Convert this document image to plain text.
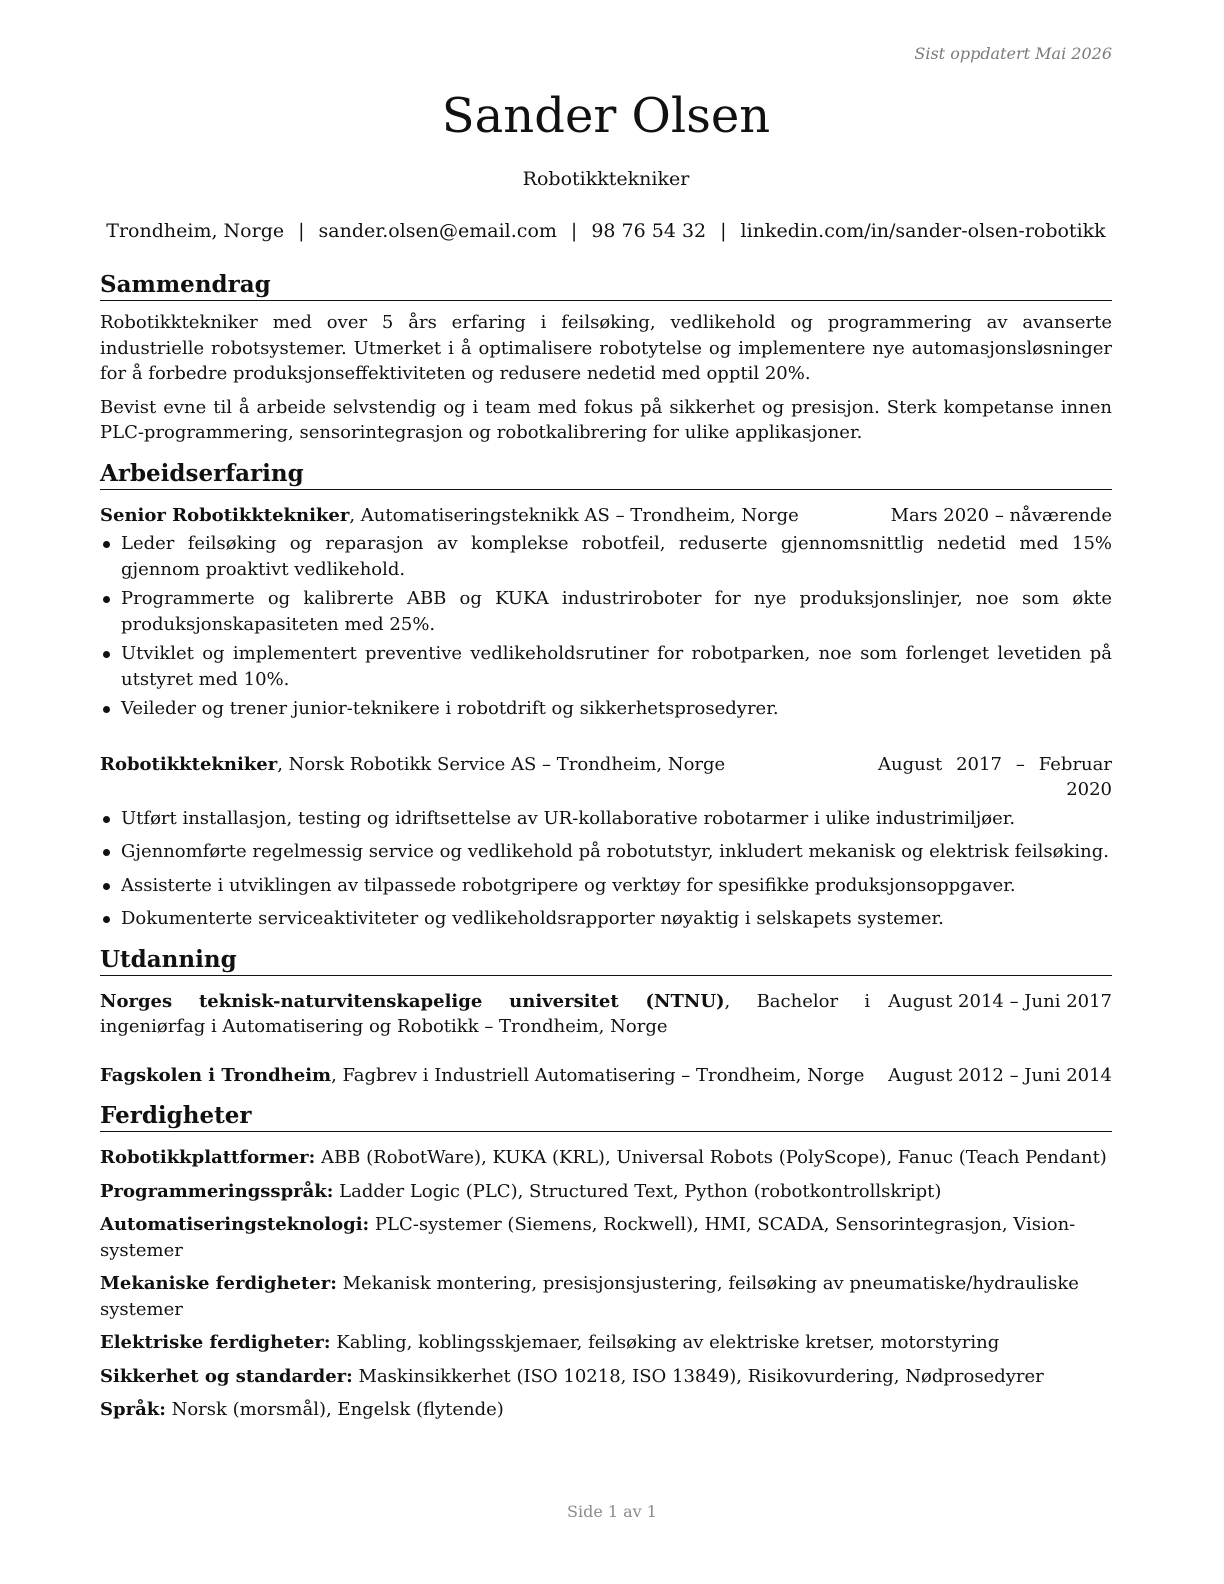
Sist oppdatert Mai 2026
Sander Olsen
Robotikktekniker
Trondheim, Norge | sander.olsen@email.com | 98 76 54 32 | linkedin.com/in/sander-olsen-robotikk
Sammendrag

Robotikktekniker med over 5 års erfaring i feilsøking, vedlikehold og programmering av avanserte industrielle robotsystemer. Utmerket i å optimalisere robotytelse og implementere nye automasjonsløsninger for å forbedre produksjonseffektiviteten og redusere nedetid med opptil 20%.

Bevist evne til å arbeide selvstendig og i team med fokus på sikkerhet og presisjon. Sterk kompetanse innen PLC-programmering, sensorintegrasjon og robotkalibrering for ulike applikasjoner.

Arbeidserfaring
Senior Robotikktekniker, Automatiseringsteknikk AS – Trondheim, Norge	Mars 2020 – nåværende
Leder feilsøking og reparasjon av komplekse robotfeil, reduserte gjennomsnittlig nedetid med 15% gjennom proaktivt vedlikehold.
Programmerte og kalibrerte ABB og KUKA industriroboter for nye produksjonslinjer, noe som økte produksjonskapasiteten med 25%.
Utviklet og implementert preventive vedlikeholdsrutiner for robotparken, noe som forlenget levetiden på utstyret med 10%.
Veileder og trener junior-teknikere i robotdrift og sikkerhetsprosedyrer.
Robotikktekniker, Norsk Robotikk Service AS – Trondheim, Norge	August 2017 – Februar 2020
Utført installasjon, testing og idriftsettelse av UR-kollaborative robotarmer i ulike industrimiljøer.
Gjennomførte regelmessig service og vedlikehold på robotutstyr, inkludert mekanisk og elektrisk feilsøking.
Assisterte i utviklingen av tilpassede robotgripere og verktøy for spesifikke produksjonsoppgaver.
Dokumenterte serviceaktiviteter og vedlikeholdsrapporter nøyaktig i selskapets systemer.
Utdanning
Norges teknisk-naturvitenskapelige universitet (NTNU), Bachelor i ingeniørfag i Automatisering og Robotikk – Trondheim, Norge
August 2014 – Juni 2017
Fagskolen i Trondheim, Fagbrev i Industriell Automatisering – Trondheim, Norge	August 2012 – Juni 2014
Ferdigheter
Robotikkplattformer: ABB (RobotWare), KUKA (KRL), Universal Robots (PolyScope), Fanuc (Teach Pendant)
Programmeringsspråk: Ladder Logic (PLC), Structured Text, Python (robotkontrollskript)
Automatiseringsteknologi: PLC-systemer (Siemens, Rockwell), HMI, SCADA, Sensorintegrasjon, Vision-systemer
Mekaniske ferdigheter: Mekanisk montering, presisjonsjustering, feilsøking av pneumatiske/hydrauliske systemer
Elektriske ferdigheter: Kabling, koblingsskjemaer, feilsøking av elektriske kretser, motorstyring
Sikkerhet og standarder: Maskinsikkerhet (ISO 10218, ISO 13849), Risikovurdering, Nødprosedyrer
Språk: Norsk (morsmål), Engelsk (flytende)
Side 1 av 1
